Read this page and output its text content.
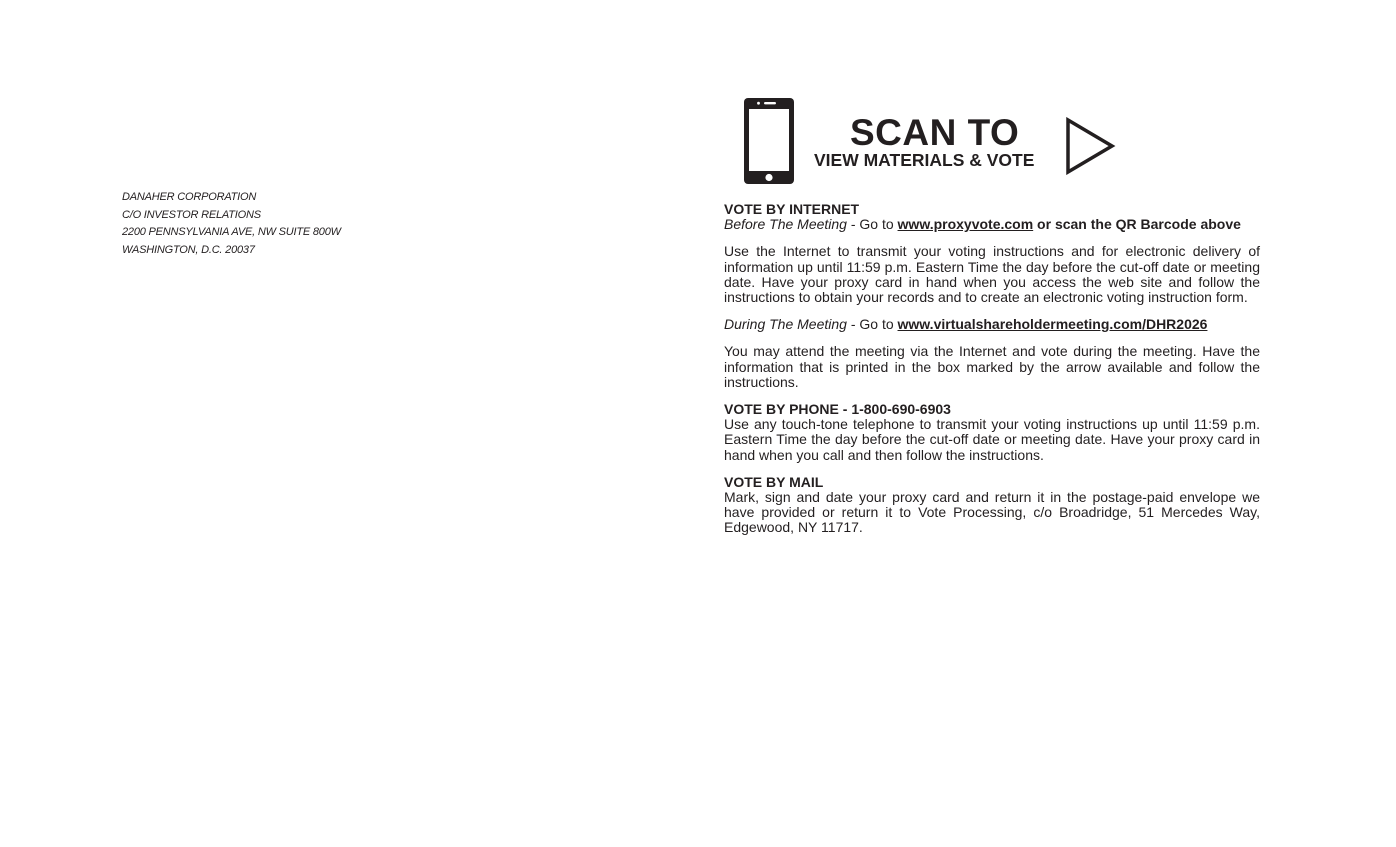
DANAHER CORPORATION
C/O INVESTOR RELATIONS
2200 PENNSYLVANIA AVE, NW SUITE 800W
WASHINGTON, D.C. 20037
SCAN TO
VIEW MATERIALS & VOTE

VOTE BY INTERNET

Before The Meeting - Go to www.proxyvote.com or scan the QR Barcode above

Use the Internet to transmit your voting instructions and for electronic delivery of information up until 11:59 p.m. Eastern Time the day before the cut-off date or meeting date. Have your proxy card in hand when you access the web site and follow the instructions to obtain your records and to create an electronic voting instruction form.

During The Meeting - Go to www.virtualshareholdermeeting.com/DHR2026

You may attend the meeting via the Internet and vote during the meeting. Have the information that is printed in the box marked by the arrow available and follow the instructions.

VOTE BY PHONE - 1-800-690-6903

Use any touch-tone telephone to transmit your voting instructions up until 11:59 p.m. Eastern Time the day before the cut-off date or meeting date. Have your proxy card in hand when you call and then follow the instructions.

VOTE BY MAIL

Mark, sign and date your proxy card and return it in the postage-paid envelope we have provided or return it to Vote Processing, c/o Broadridge, 51 Mercedes Way, Edgewood, NY 11717.
